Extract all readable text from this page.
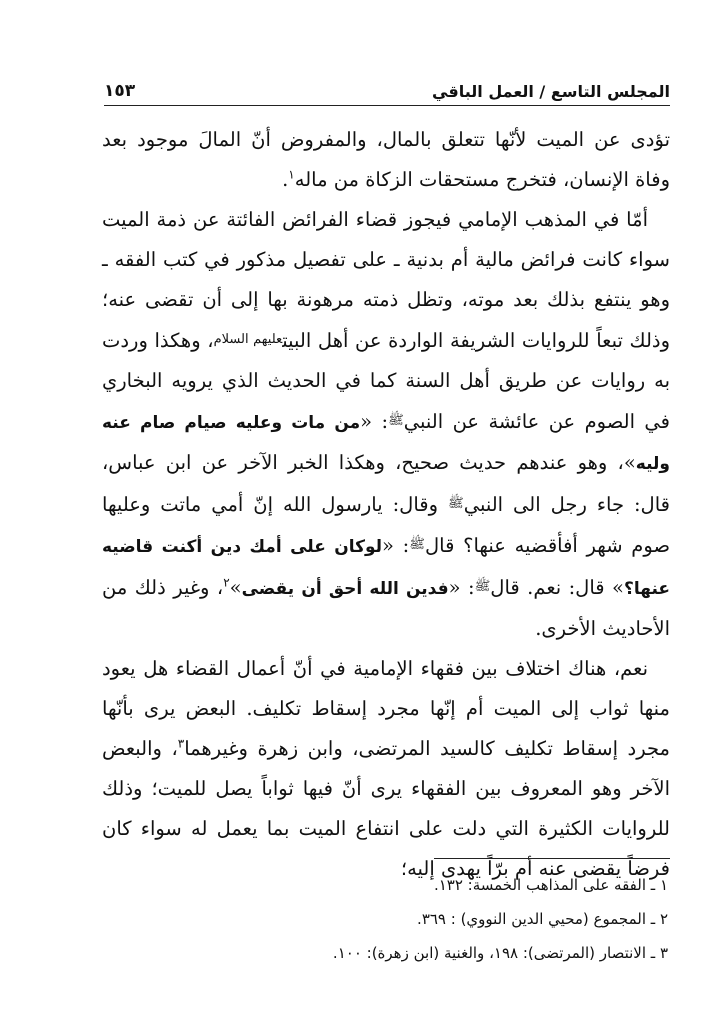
المجلس التاسع / العمل الباقي
١٥٣

تؤدى عن الميت لأنّها تتعلق بالمال، والمفروض أنّ المالَ موجود بعد وفاة الإنسان، فتخرج مستحقات الزكاة من ماله$^١$.

أمّا في المذهب الإمامي فيجوز قضاء الفرائض الفائتة عن ذمة الميت سواء كانت فرائض مالية أم بدنية ـ على تفصيل مذكور في كتب الفقه ـ وهو ينتفع بذلك بعد موته، وتظل ذمته مرهونة بها إلى أن تقضى عنه؛ وذلك تبعاً للروايات الشريفة الواردة عن أهل البيت$^{عليهم السلام}$، وهكذا وردت به روايات عن طريق أهل السنة كما في الحديث الذي يرويه البخاري في الصوم عن عائشة عن النبي$^ﷺ$: «من مات وعليه صيام صام عنه وليه»، وهو عندهم حديث صحيح، وهكذا الخبر الآخر عن ابن عباس، قال: جاء رجل الى النبي$^ﷺ$ وقال: يارسول الله إنّ أمي ماتت وعليها صوم شهر أفأقضيه عنها؟ قال$^ﷺ$: «لوكان على أمك دين أكنت قاضيه عنها؟» قال: نعم. قال$^ﷺ$: «فدين الله أحق أن يقضى»$^٢$، وغير ذلك من الأحاديث الأخرى.

نعم، هناك اختلاف بين فقهاء الإمامية في أنّ أعمال القضاء هل يعود منها ثواب إلى الميت أم إنّها مجرد إسقاط تكليف. البعض يرى بأنّها مجرد إسقاط تكليف كالسيد المرتضى، وابن زهرة وغيرهما$^٣$، والبعض الآخر وهو المعروف بين الفقهاء يرى أنّ فيها ثواباً يصل للميت؛ وذلك للروايات الكثيرة التي دلت على انتفاع الميت بما يعمل له سواء كان فرضاً يقضى عنه أم برّاً يهدى إليه؛

١ ـ الفقه على المذاهب الخمسة: ١٣٢.
٢ ـ المجموع (محيي الدين النووي) : ٣٦٩.
٣ ـ الانتصار (المرتضى): ١٩٨، والغنية (ابن زهرة): ١٠٠.
